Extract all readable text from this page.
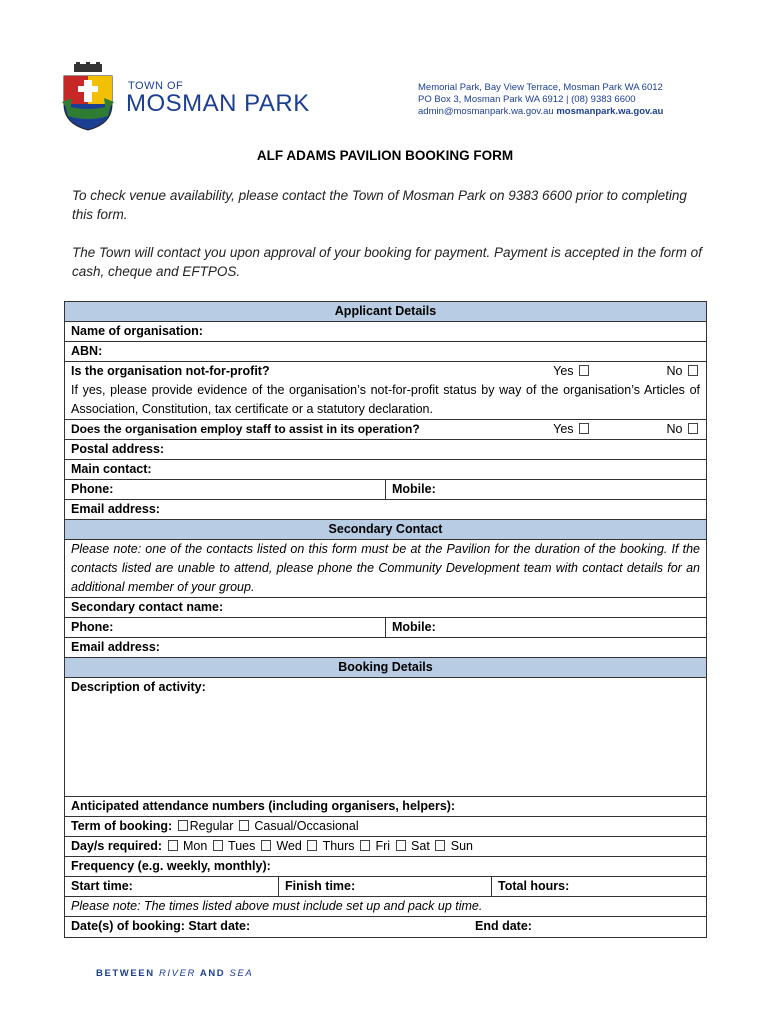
TOWN OF
MOSMAN PARK
Memorial Park, Bay View Terrace, Mosman Park WA 6012
PO Box 3, Mosman Park WA 6912 | (08) 9383 6600
admin@mosmanpark.wa.gov.au mosmanpark.wa.gov.au
ALF ADAMS PAVILION BOOKING FORM
To check venue availability, please contact the Town of Mosman Park on 9383 6600 prior to completing this form.
The Town will contact you upon approval of your booking for payment. Payment is accepted in the form of cash, cheque and EFTPOS.
Applicant Details
Name of organisation:
ABN:
Is the organisation not-for-profit?	Yes	No
If yes, please provide evidence of the organisation’s not-for-profit status by way of the organisation’s Articles of Association, Constitution, tax certificate or a statutory declaration.
Does the organisation employ staff to assist in its operation?	Yes	No
Postal address:
Main contact:
Phone:	Mobile:
Email address:
Secondary Contact
Please note: one of the contacts listed on this form must be at the Pavilion for the duration of the booking. If the contacts listed are unable to attend, please phone the Community Development team with contact details for an additional member of your group.
Secondary contact name:
Phone:	Mobile:
Email address:
Booking Details
Description of activity:
Anticipated attendance numbers (including organisers, helpers):
Term of booking: Regular Casual/Occasional
Day/s required: Mon Tues Wed Thurs Fri Sat Sun
Frequency (e.g. weekly, monthly):
Start time:	Finish time:	Total hours:
Please note: The times listed above must include set up and pack up time.
Date(s) of booking: Start date:	End date:
BETWEEN RIVER AND SEA
